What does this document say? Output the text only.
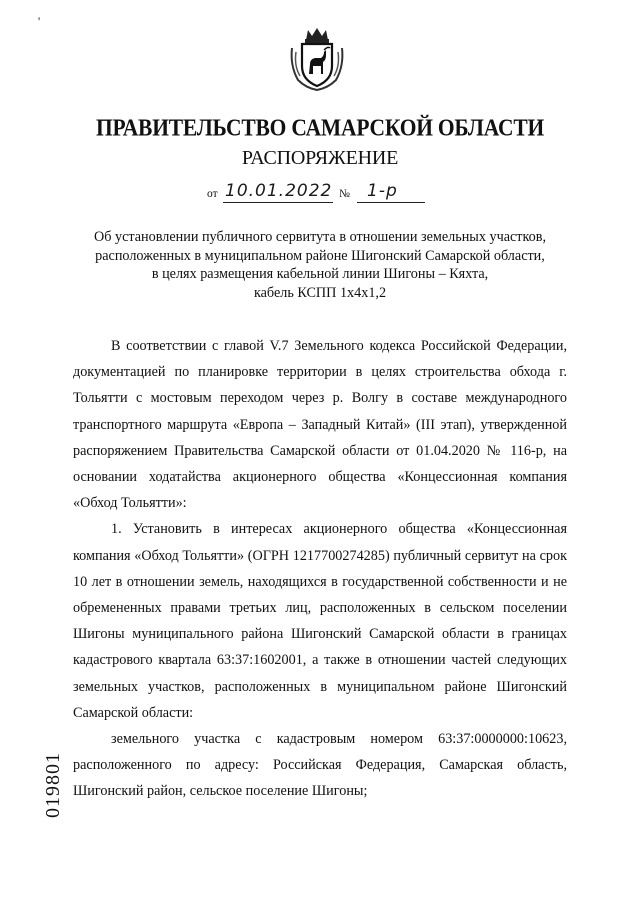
'
ПРАВИТЕЛЬСТВО САМАРСКОЙ ОБЛАСТИ
РАСПОРЯЖЕНИЕ
от 10.01.2022 № 1-р
Об установлении публичного сервитута в отношении земельных участков,
расположенных в муниципальном районе Шигонский Самарской области,
в целях размещения кабельной линии Шигоны – Кяхта,
кабель КСПП 1х4х1,2

В соответствии с главой V.7 Земельного кодекса Российской Федерации, документацией по планировке территории в целях строительства обхода г. Тольятти с мостовым переходом через р. Волгу в составе международного транспортного маршрута «Европа – Западный Китай» (III этап), утвержденной распоряжением Правительства Самарской области от 01.04.2020 № 116-р, на основании ходатайства акционерного общества «Концессионная компания «Обход Тольятти»:

1. Установить в интересах акционерного общества «Концессионная компания «Обход Тольятти» (ОГРН 1217700274285) публичный сервитут на срок 10 лет в отношении земель, находящихся в государственной собственности и не обремененных правами третьих лиц, расположенных в сельском поселении Шигоны муниципального района Шигонский Самарской области в границах кадастрового квартала 63:37:1602001, а также в отношении частей следующих земельных участков, расположенных в муниципальном районе Шигонский Самарской области:

земельного участка с кадастровым номером 63:37:0000000:10623, расположенного по адресу: Российская Федерация, Самарская область, Шигонский район, сельское поселение Шигоны;

019801
